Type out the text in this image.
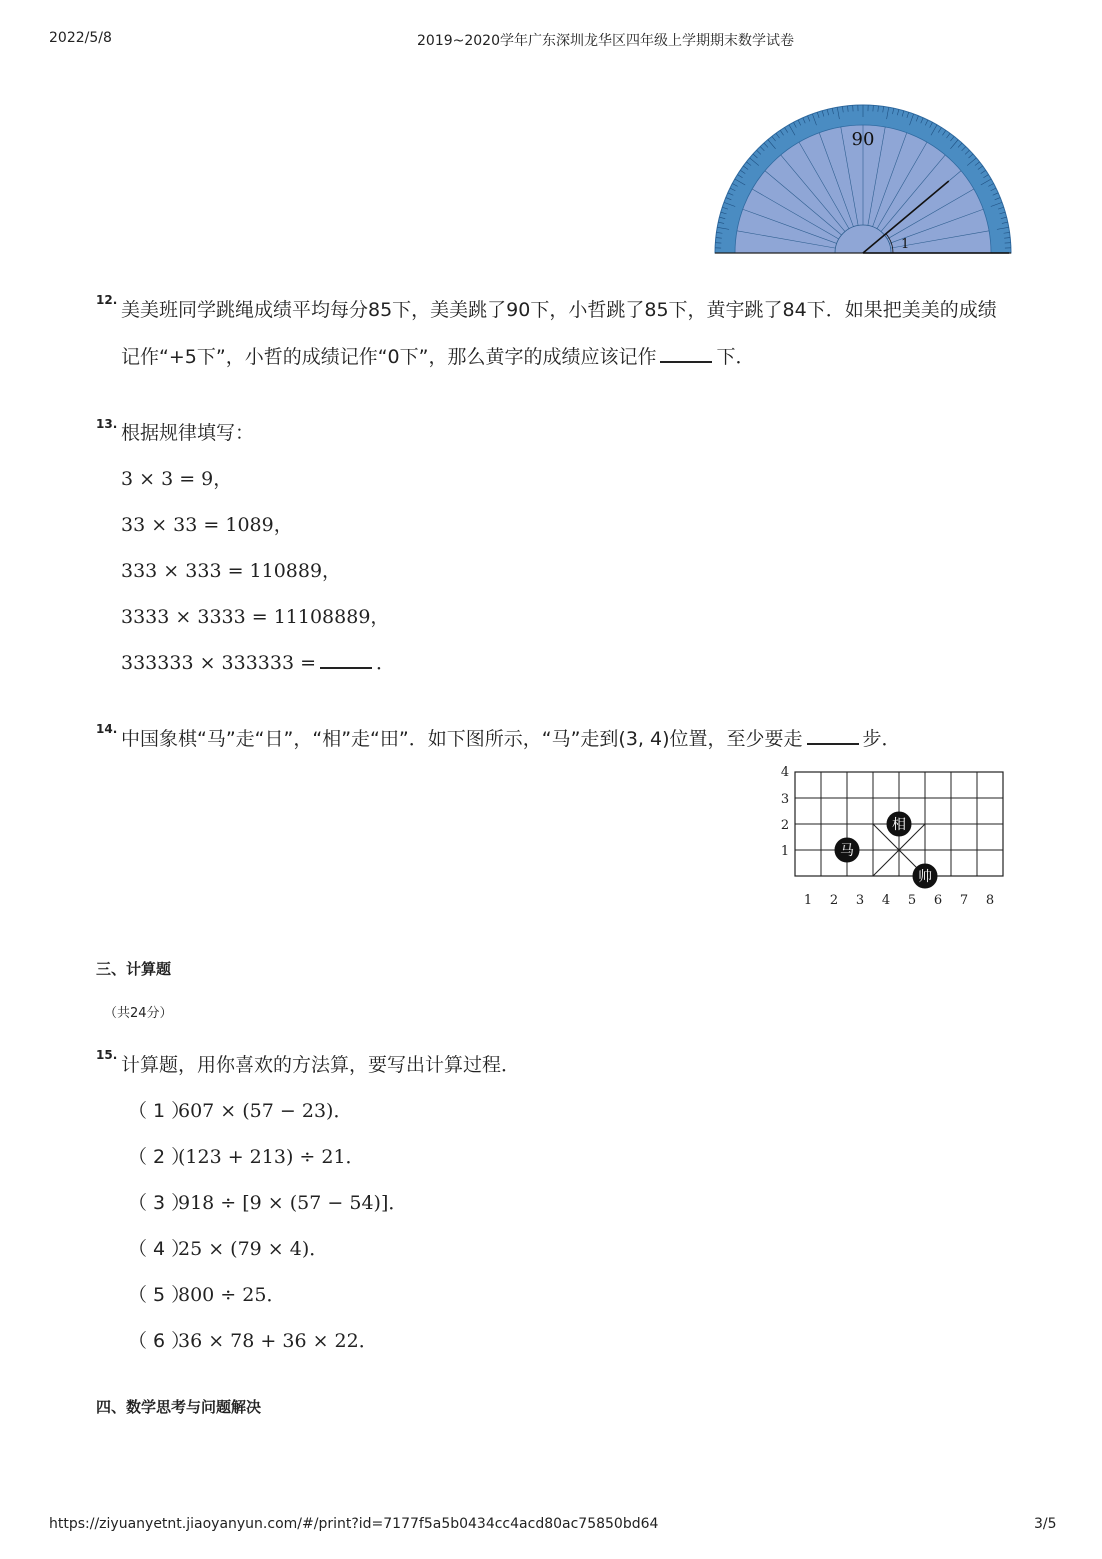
2022/5/8	2019~2020学年广东深圳龙华区四年级上学期期末数学试卷
90
1
12. 美美班同学跳绳成绩平均每分85下，美美跳了90下，小哲跳了85下，黄宇跳了84下．如果把美美的成绩
记作“+5下”，小哲的成绩记作“0下”，那么黄字的成绩应该记作	下．
13. 根据规律填写：
3 × 3 = 9，
33 × 33 = 1089，
333 × 333 = 110889，
3333 × 3333 = 11108889，
333333 × 333333 =	．
14. 中国象棋“马”走“日”，“相”走“田”．如下图所示，“马”走到(3, 4)位置，至少要走	步．
1 2 3 4 5 6 7 8
1
2
3
4
马
相
帅
三、计算题
（共24分）
15. 计算题，用你喜欢的方法算，要写出计算过程．
（ 1 ）607 × (57 − 23)．
（ 2 ）(123 + 213) ÷ 21．
（ 3 ）918 ÷ [9 × (57 − 54)]．
（ 4 ）25 × (79 × 4)．
（ 5 ）800 ÷ 25．
（ 6 ）36 × 78 + 36 × 22．
四、数学思考与问题解决
https://ziyuanyetnt.jiaoyanyun.com/#/print?id=7177f5a5b0434cc4acd80ac75850bd64	3/5
